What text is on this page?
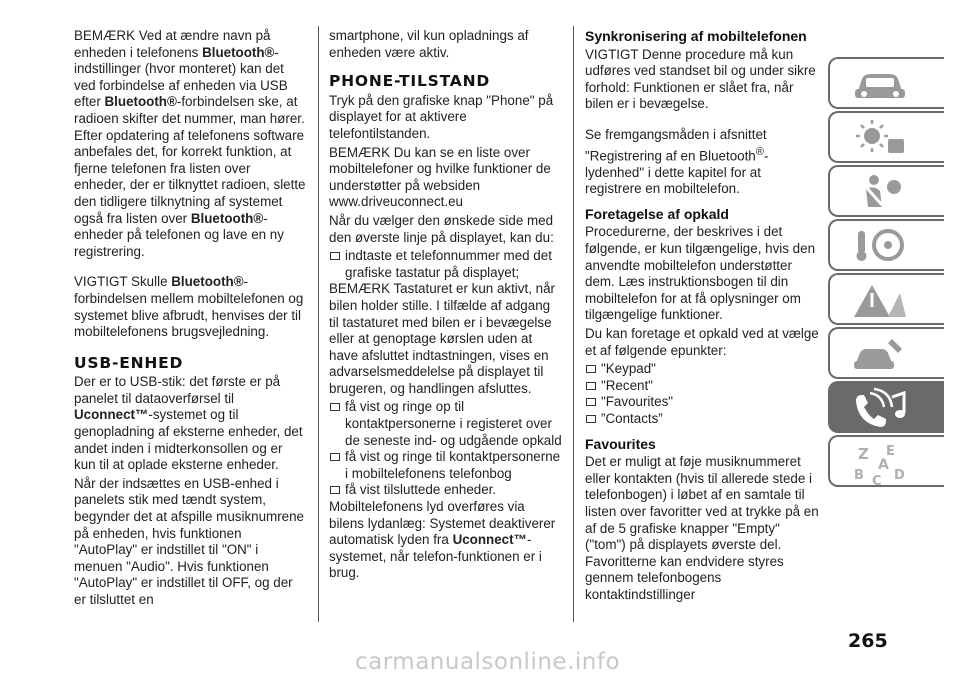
BEMÆRK Ved at ændre navn på enheden i telefonens Bluetooth®-indstillinger (hvor monteret) kan det ved forbindelse af enheden via USB efter Bluetooth®-forbindelsen ske, at radioen skifter det nummer, man hører. Efter opdatering af telefonens software anbefales det, for korrekt funktion, at fjerne telefonen fra listen over enheder, der er tilknyttet radioen, slette den tidligere tilknytning af systemet også fra listen over Bluetooth®-enheder på telefonen og lave en ny registrering.

VIGTIGT Skulle Bluetooth®-forbindelsen mellem mobiltelefonen og systemet blive afbrudt, henvises der til mobiltelefonens brugsvejledning.

USB-ENHED

Der er to USB-stik: det første er på panelet til dataoverførsel til Uconnect™-systemet og til genopladning af eksterne enheder, det andet inden i midterkonsollen og er kun til at oplade eksterne enheder.

Når der indsættes en USB-enhed i panelets stik med tændt system, begynder det at afspille musiknumrene på enheden, hvis funktionen "AutoPlay" er indstillet til "ON" i menuen "Audio". Hvis funktionen "AutoPlay" er indstillet til OFF, og der er tilsluttet en

smartphone, vil kun opladnings af enheden være aktiv.

PHONE-TILSTAND

Tryk på den grafiske knap "Phone" på displayet for at aktivere telefontilstanden.

BEMÆRK Du kan se en liste over mobiltelefoner og hvilke funktioner de understøtter på websiden www.driveuconnect.eu

Når du vælger den ønskede side med den øverste linje på displayet, kan du:

indtaste et telefonnummer med det grafiske tastatur på displayet;

BEMÆRK Tastaturet er kun aktivt, når bilen holder stille. I tilfælde af adgang til tastaturet med bilen er i bevægelse eller at genoptage kørslen uden at have afsluttet indtastningen, vises en advarselsmeddelelse på displayet til brugeren, og handlingen afsluttes.

få vist og ringe op til kontaktpersonerne i registeret over de seneste ind- og udgående opkald
få vist og ringe til kontaktpersonerne i mobiltelefonens telefonbog
få vist tilsluttede enheder.

Mobiltelefonens lyd overføres via bilens lydanlæg: Systemet deaktiverer automatisk lyden fra Uconnect™-systemet, når telefon-funktionen er i brug.

Synkronisering af mobiltelefonen

VIGTIGT Denne procedure må kun udføres ved standset bil og under sikre forhold: Funktionen er slået fra, når bilen er i bevægelse.

Se fremgangsmåden i afsnittet "Registrering af en Bluetooth®-lydenhed" i dette kapitel for at registrere en mobiltelefon.

Foretagelse af opkald

Procedurerne, der beskrives i det følgende, er kun tilgængelige, hvis den anvendte mobiltelefon understøtter dem. Læs instruktionsbogen til din mobiltelefon for at få oplysninger om tilgængelige funktioner.

Du kan foretage et opkald ved at vælge et af følgende epunkter:

"Keypad"
"Recent"
"Favourites"
”Contacts”
Favourites

Det er muligt at føje musiknummeret eller kontakten (hvis til allerede stede i telefonbogen) i løbet af en samtale til listen over favoritter ved at trykke på en af de 5 grafiske knapper "Empty" ("tom") på displayets øverste del. Favoritterne kan endvidere styres gennem telefonbogens kontaktindstillinger

Z E
B C D
A
265
carmanualsonline.info
